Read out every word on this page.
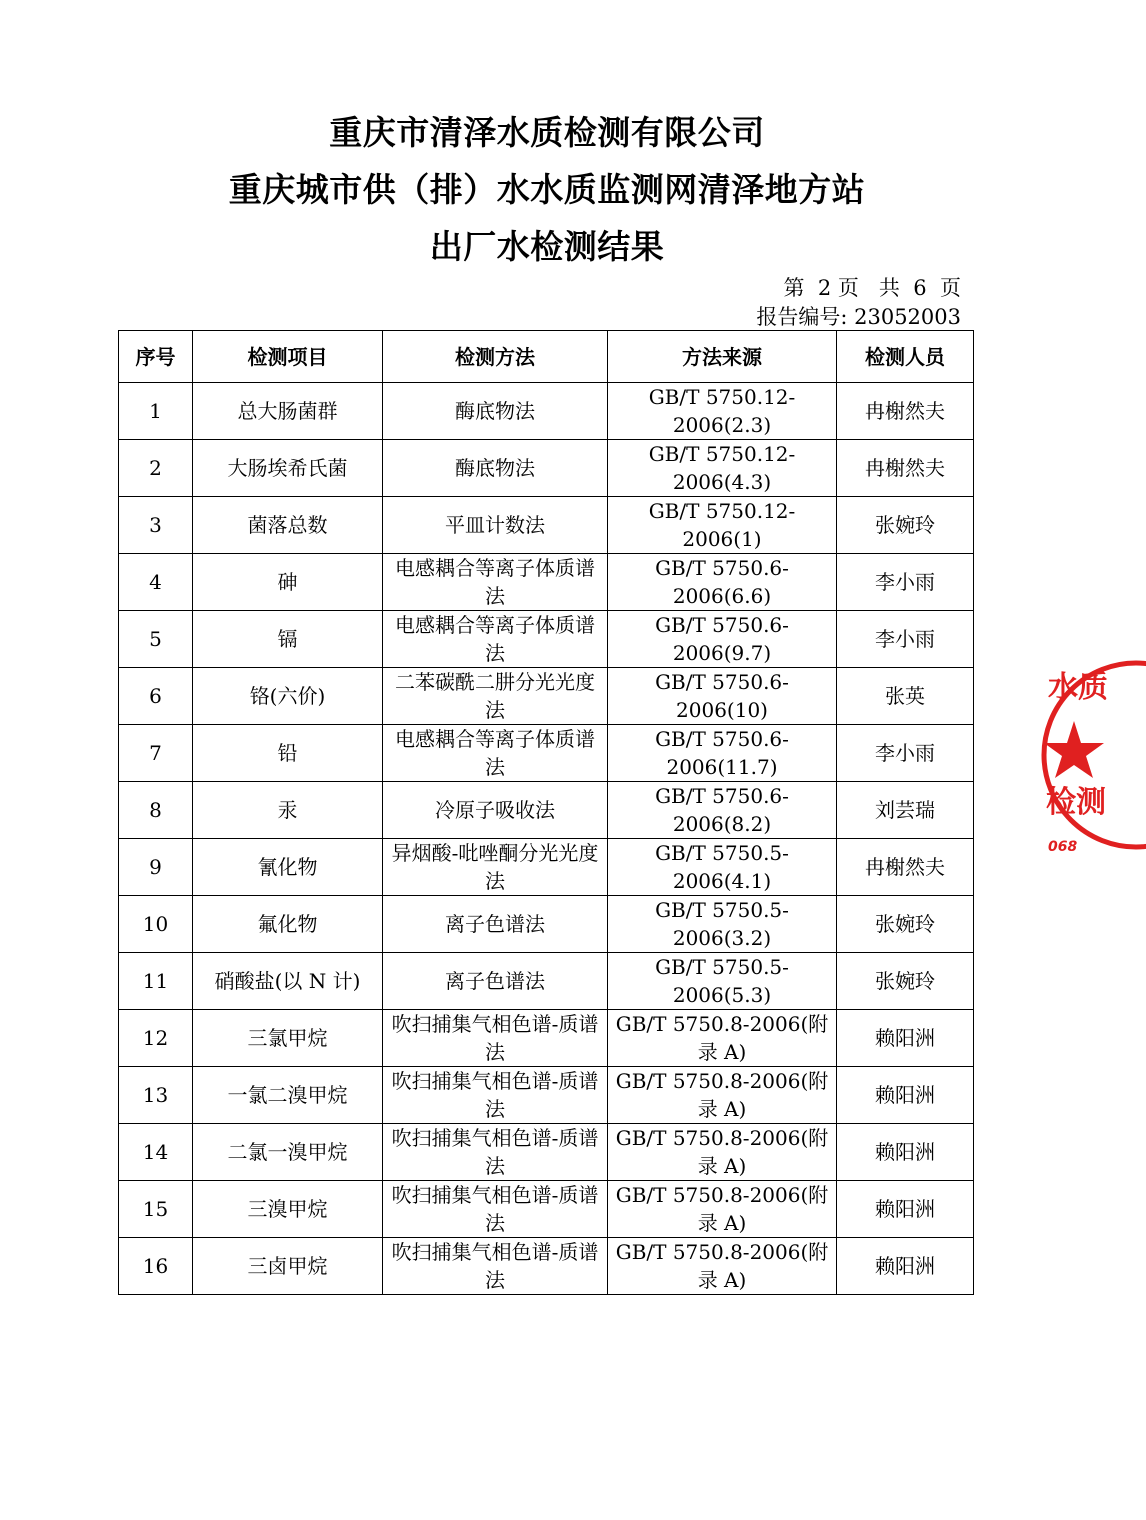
重庆市清泽水质检测有限公司
重庆城市供（排）水水质监测网清泽地方站
出厂水检测结果
第  2 页   共  6  页
报告编号: 23052003
序号	检测项目	检测方法	方法来源	检测人员
1	总大肠菌群	酶底物法	GB/T 5750.12-2006(2.3)	冉榭然夫
2	大肠埃希氏菌	酶底物法	GB/T 5750.12-2006(4.3)	冉榭然夫
3	菌落总数	平皿计数法	GB/T 5750.12-2006(1)	张婉玲
4	砷	电感耦合等离子体质谱法	GB/T 5750.6-2006(6.6)	李小雨
5	镉	电感耦合等离子体质谱法	GB/T 5750.6-2006(9.7)	李小雨
6	铬(六价)	二苯碳酰二肼分光光度法	GB/T 5750.6-2006(10)	张英
7	铅	电感耦合等离子体质谱法	GB/T 5750.6-2006(11.7)	李小雨
8	汞	冷原子吸收法	GB/T 5750.6-2006(8.2)	刘芸瑞
9	氰化物	异烟酸-吡唑酮分光光度法	GB/T 5750.5-2006(4.1)	冉榭然夫
10	氟化物	离子色谱法	GB/T 5750.5-2006(3.2)	张婉玲
11	硝酸盐(以 N 计)	离子色谱法	GB/T 5750.5-2006(5.3)	张婉玲
12	三氯甲烷	吹扫捕集气相色谱-质谱法	GB/T 5750.8-2006(附录 A)	赖阳洲
13	一氯二溴甲烷	吹扫捕集气相色谱-质谱法	GB/T 5750.8-2006(附录 A)	赖阳洲
14	二氯一溴甲烷	吹扫捕集气相色谱-质谱法	GB/T 5750.8-2006(附录 A)	赖阳洲
15	三溴甲烷	吹扫捕集气相色谱-质谱法	GB/T 5750.8-2006(附录 A)	赖阳洲
16	三卤甲烷	吹扫捕集气相色谱-质谱法	GB/T 5750.8-2006(附录 A)	赖阳洲
水质
检测
068
